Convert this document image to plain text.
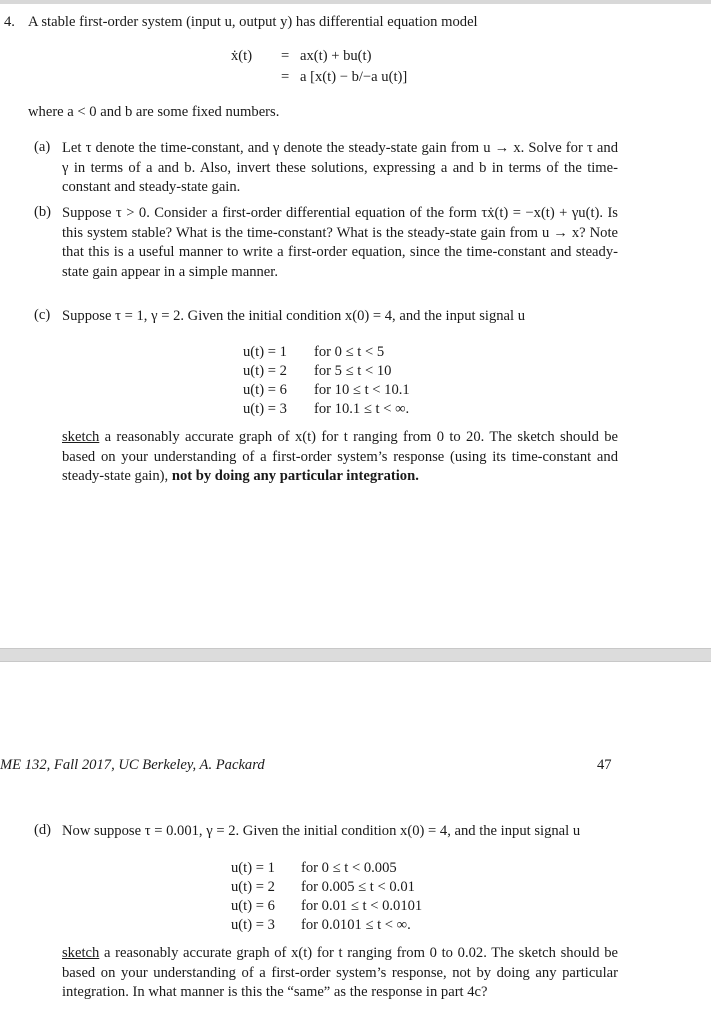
4. A stable first-order system (input u, output y) has differential equation model
ẋ(t) = ax(t) + bu(t)
= a [x(t) − b/−a u(t)]
where a < 0 and b are some fixed numbers.
(a) Let τ denote the time-constant, and γ denote the steady-state gain from u → x. Solve for τ and γ in terms of a and b. Also, invert these solutions, expressing a and b in terms of the time-constant and steady-state gain.
(b) Suppose τ > 0. Consider a first-order differential equation of the form τẋ(t) = −x(t) + γu(t). Is this system stable? What is the time-constant? What is the steady-state gain from u → x? Note that this is a useful manner to write a first-order equation, since the time-constant and steady-state gain appear in a simple manner.
(c) Suppose τ = 1, γ = 2. Given the initial condition x(0) = 4, and the input signal u
u(t) = 1 for 0 ≤ t < 5
u(t) = 2 for 5 ≤ t < 10
u(t) = 6 for 10 ≤ t < 10.1
u(t) = 3 for 10.1 ≤ t < ∞.
sketch a reasonably accurate graph of x(t) for t ranging from 0 to 20. The sketch should be based on your understanding of a first-order system’s response (using its time-constant and steady-state gain), not by doing any particular integration.
ME 132, Fall 2017, UC Berkeley, A. Packard	47
(d) Now suppose τ = 0.001, γ = 2. Given the initial condition x(0) = 4, and the input signal u
u(t) = 1 for 0 ≤ t < 0.005
u(t) = 2 for 0.005 ≤ t < 0.01
u(t) = 6 for 0.01 ≤ t < 0.0101
u(t) = 3 for 0.0101 ≤ t < ∞.
sketch a reasonably accurate graph of x(t) for t ranging from 0 to 0.02. The sketch should be based on your understanding of a first-order system’s response, not by doing any particular integration. In what manner is this the “same” as the response in part 4c?
